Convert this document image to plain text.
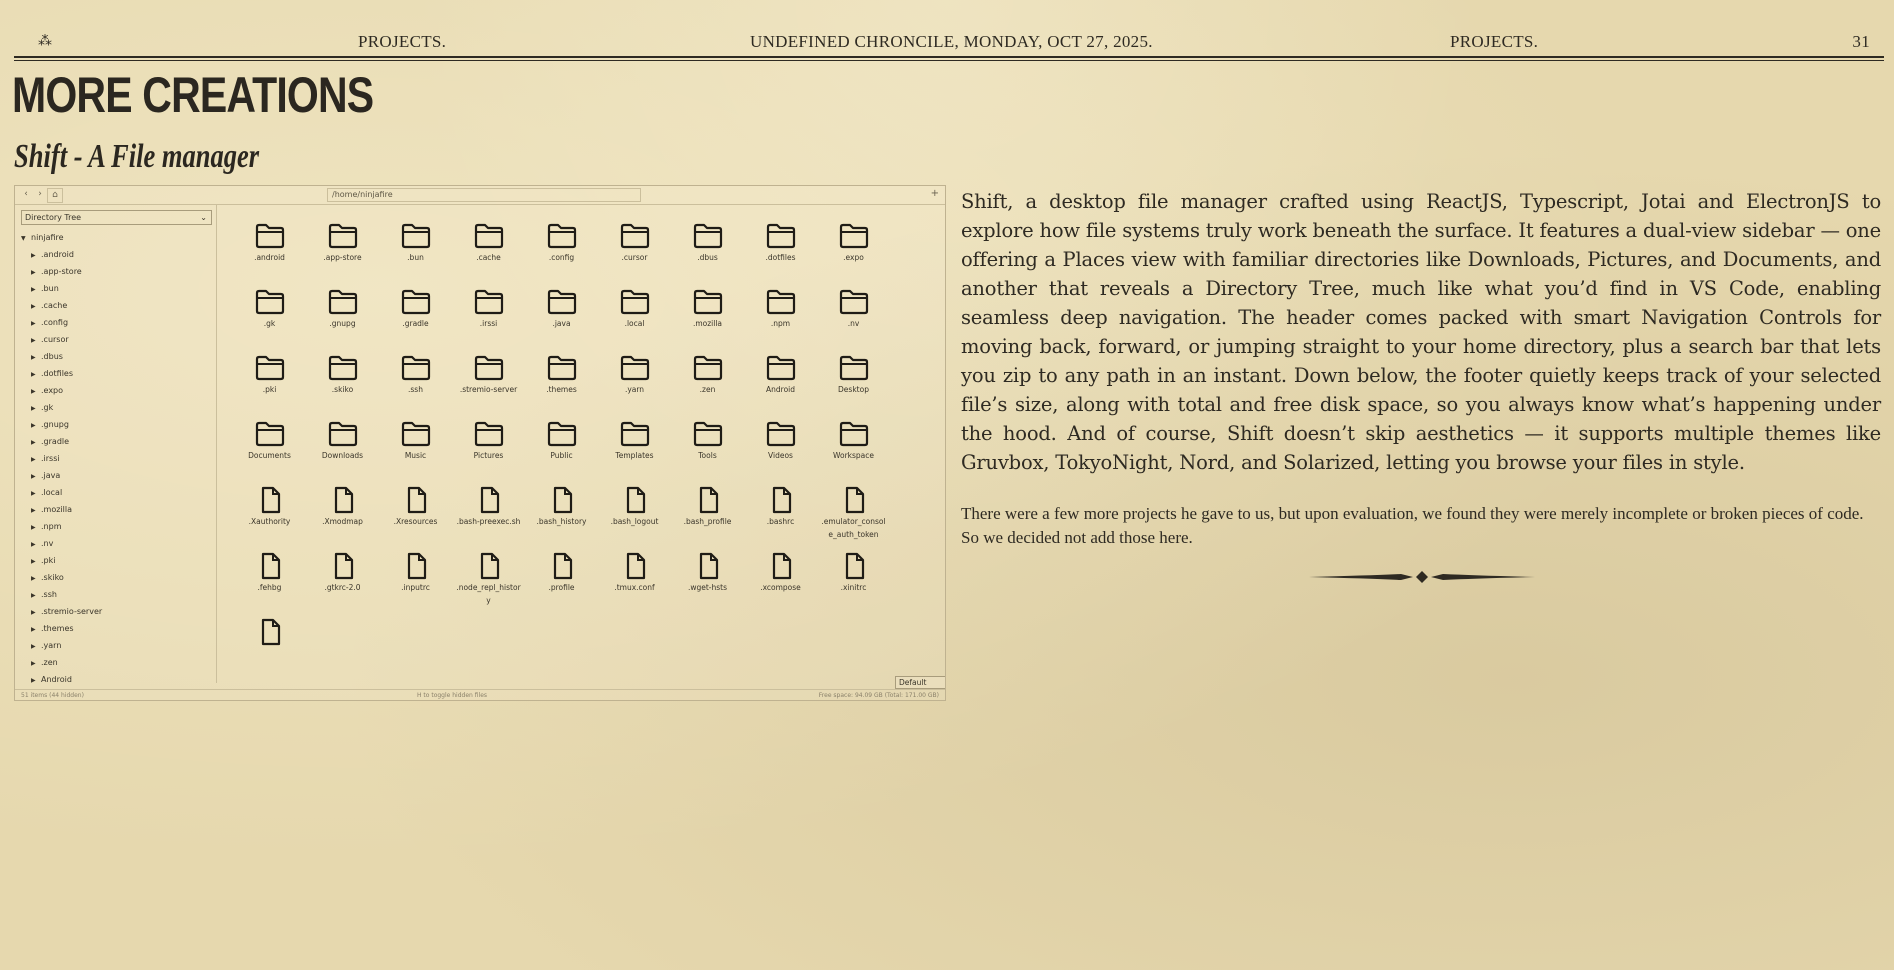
⁂	PROJECTS.	UNDEFINED CHRONCILE, MONDAY, OCT 27, 2025.	PROJECTS.	31
MORE CREATIONS
Shift - A File manager
‹	›	⌂	/home/ninjafire	+
Directory Tree	⌄
▼ ninjafire
▶ .android
▶ .app-store
▶ .bun
▶ .cache
▶ .config
▶ .cursor
▶ .dbus
▶ .dotfiles
▶ .expo
▶ .gk
▶ .gnupg
▶ .gradle
▶ .irssi
▶ .java
▶ .local
▶ .mozilla
▶ .npm
▶ .nv
▶ .pki
▶ .skiko
▶ .ssh
▶ .stremio-server
▶ .themes
▶ .yarn
▶ .zen
▶ Android
.android	.app-store	.bun	.cache	.config	.cursor	.dbus	.dotfiles	.expo
.gk	.gnupg	.gradle	.irssi	.java	.local	.mozilla	.npm	.nv
.pki	.skiko	.ssh	.stremio-server	.themes	.yarn	.zen	Android	Desktop
Documents	Downloads	Music	Pictures	Public	Templates	Tools	Videos	Workspace
.Xauthority	.Xmodmap	.Xresources	.bash-preexec.sh	.bash_history	.bash_logout	.bash_profile	.bashrc	.emulator_console_auth_token
.fehbg	.gtkrc-2.0	.inputrc	.node_repl_history
.profile	.tmux.conf	.wget-hsts	.xcompose	.xinitrc
Default
51 items (44 hidden)	H to toggle hidden files	Free space: 94.09 GB (Total: 171.00 GB)

Shift, a desktop file manager crafted using ReactJS, Typescript, Jotai and ElectronJS to explore how file systems truly work beneath the surface. It features a dual-view sidebar — one offering a Places view with familiar directories like Downloads, Pictures, and Documents, and another that reveals a Directory Tree, much like what you’d find in VS Code, enabling seamless deep navigation. The header comes packed with smart Navigation Controls for moving back, forward, or jumping straight to your home directory, plus a search bar that lets you zip to any path in an instant. Down below, the footer quietly keeps track of your selected file’s size, along with total and free disk space, so you always know what’s happening under the hood. And of course, Shift doesn’t skip aesthetics — it supports multiple themes like Gruvbox, TokyoNight, Nord, and Solarized, letting you browse your files in style.

There were a few more projects he gave to us, but upon evaluation, we found they were merely incomplete or broken pieces of code. So we decided not add those here.
